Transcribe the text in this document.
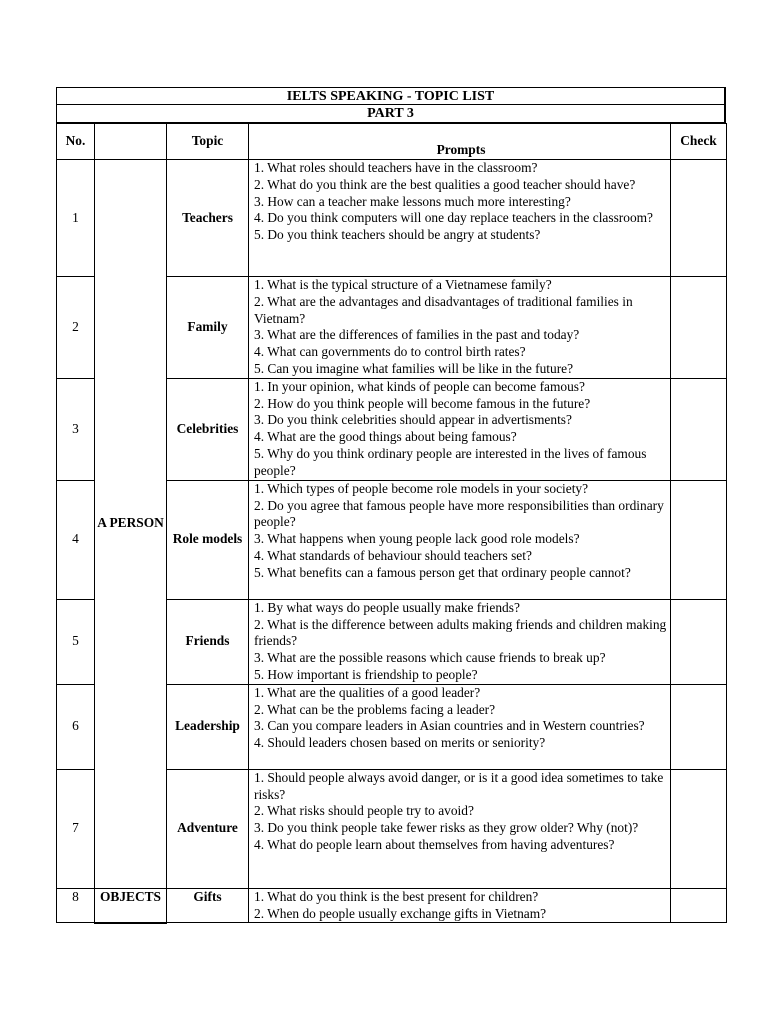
IELTS SPEAKING - TOPIC LIST
PART 3
No.		Topic	Prompts	Check
1	A PERSON	Teachers	1. What roles should teachers have in the classroom?
2. What do you think are the best qualities a good teacher should have?
3. How can a teacher make lessons much more interesting?
4. Do you think computers will one day replace teachers in the classroom?
5. Do you think teachers should be angry at students?	

2		Family	1. What is the typical structure of a Vietnamese family?
2. What are the advantages and disadvantages of traditional families in Vietnam?
3. What are the differences of families in the past and today?
4. What can governments do to control birth rates?
5. Can you imagine what families will be like in the future?	

3		Celebrities	1. In your opinion, what kinds of people can become famous?
2. How do you think people will become famous in the future?
3. Do you think celebrities should appear in advertisments?
4. What are the good things about being famous?
5. Why do you think ordinary people are interested in the lives of famous people?	

4		Role models	1. Which types of people become role models in your society?
2. Do you agree that famous people have more responsibilities than ordinary people?
3. What happens when young people lack good role models?
4. What standards of behaviour should teachers set?
5. What benefits can a famous person get that ordinary people cannot?	

5		Friends	1. By what ways do people usually make friends?
2. What is the difference between adults making friends and children making friends?
3. What are the possible reasons which cause friends to break up?
5. How important is friendship to people?	

6		Leadership	1. What are the qualities of a good leader?
2. What can be the problems facing a leader?
3. Can you compare leaders in Asian countries and in Western countries?
4. Should leaders chosen based on merits or seniority?	

7		Adventure	1. Should people always avoid danger, or is it a good idea sometimes to take risks?
2. What risks should people try to avoid?
3. Do you think people take fewer risks as they grow older? Why (not)?
4. What do people learn about themselves from having adventures?	

8	OBJECTS	Gifts	1. What do you think is the best present for children?
2. When do people usually exchange gifts in Vietnam?	
